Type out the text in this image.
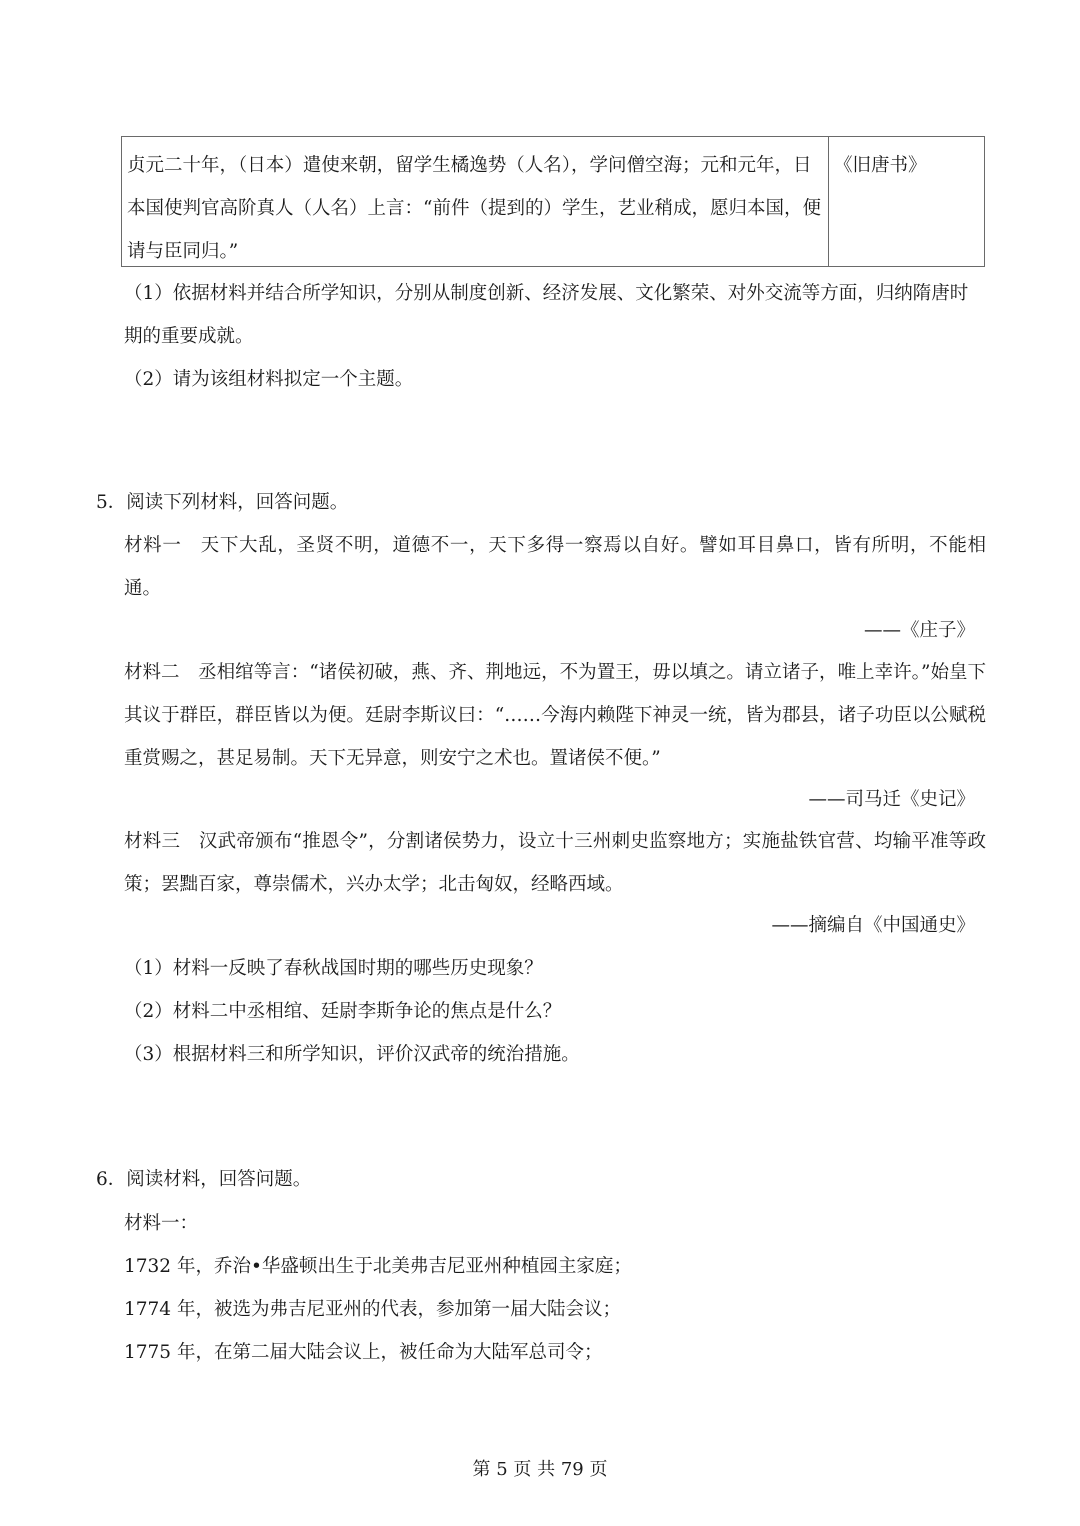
贞元二十年，（日本）遣使来朝，留学生橘逸势（人名），学问僧空海；元和元年，日本国使判官高阶真人（人名）上言：“前件（提到的）学生，艺业稍成，愿归本国，便请与臣同归。”
《旧唐书》
（1）依据材料并结合所学知识，分别从制度创新、经济发展、文化繁荣、对外交流等方面，归纳隋唐时
期的重要成就。
（2）请为该组材料拟定一个主题。
5．阅读下列材料，回答问题。
材料一　天下大乱，圣贤不明，道德不一，天下多得一察焉以自好。譬如耳目鼻口，皆有所明，不能相通。
——《庄子》
材料二　丞相绾等言：“诸侯初破，燕、齐、荆地远，不为置王，毋以填之。请立诸子，唯上幸许。”始皇下其议于群臣，群臣皆以为便。廷尉李斯议曰：“……今海内赖陛下神灵一统，皆为郡县，诸子功臣以公赋税重赏赐之，甚足易制。天下无异意，则安宁之术也。置诸侯不便。”
——司马迁《史记》
材料三　汉武帝颁布“推恩令”，分割诸侯势力，设立十三州刺史监察地方；实施盐铁官营、均输平准等政策；罢黜百家，尊崇儒术，兴办太学；北击匈奴，经略西域。
——摘编自《中国通史》
（1）材料一反映了春秋战国时期的哪些历史现象？
（2）材料二中丞相绾、廷尉李斯争论的焦点是什么？
（3）根据材料三和所学知识，评价汉武帝的统治措施。
6．阅读材料，回答问题。
材料一：
1732 年，乔治•华盛顿出生于北美弗吉尼亚州种植园主家庭；
1774 年，被选为弗吉尼亚州的代表，参加第一届大陆会议；
1775 年，在第二届大陆会议上，被任命为大陆军总司令；
第 5 页 共 79 页
